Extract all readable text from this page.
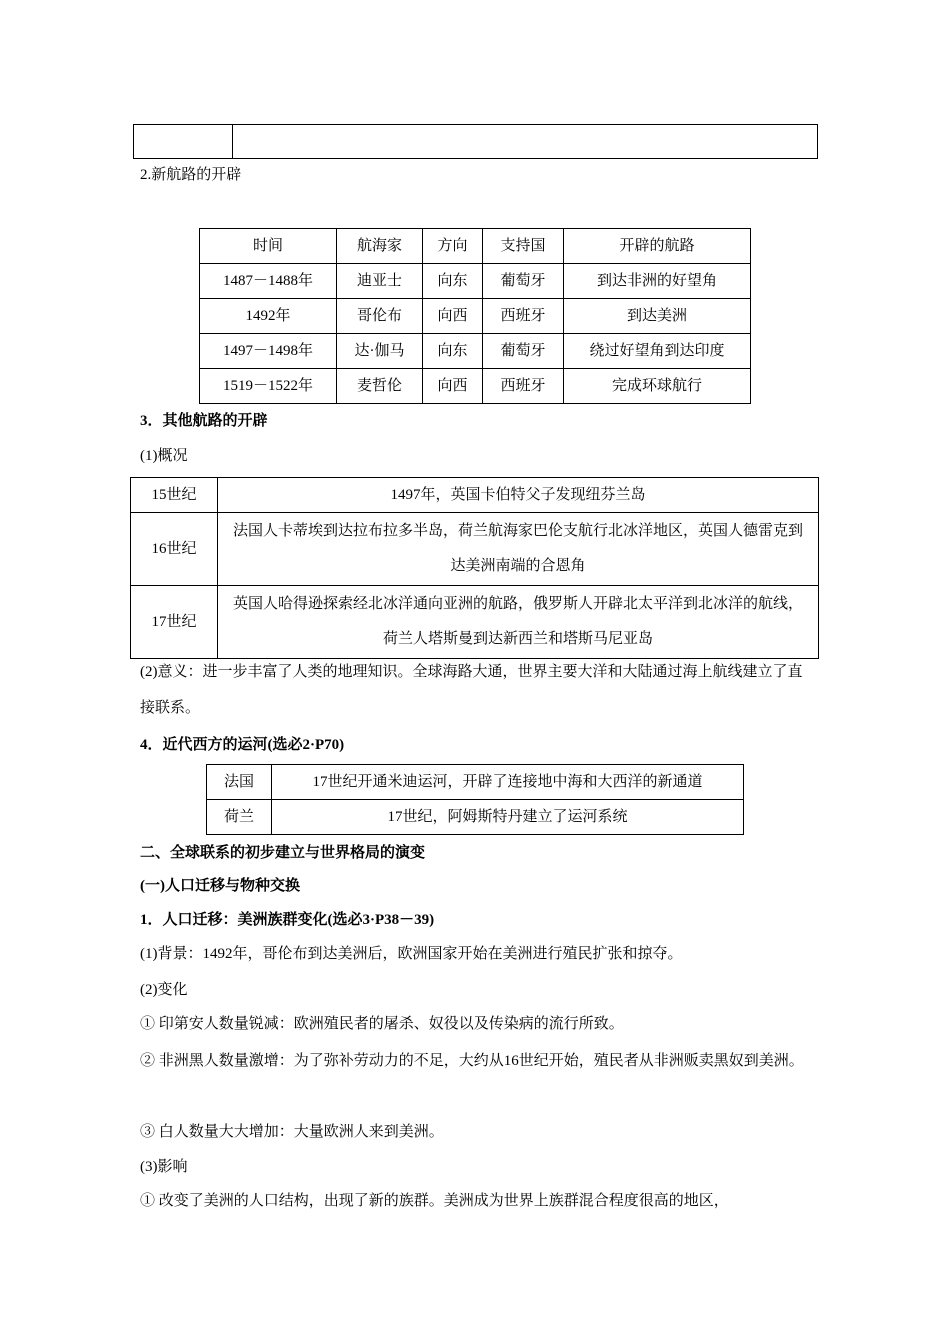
2.新航路的开辟
时间	航海家	方向	支持国	开辟的航路
1487－1488年	迪亚士	向东	葡萄牙	到达非洲的好望角
1492年	哥伦布	向西	西班牙	到达美洲
1497－1498年	达·伽马	向东	葡萄牙	绕过好望角到达印度
1519－1522年	麦哲伦	向西	西班牙	完成环球航行
3．其他航路的开辟
(1)概况
15世纪	1497年，英国卡伯特父子发现纽芬兰岛
16世纪	法国人卡蒂埃到达拉布拉多半岛，荷兰航海家巴伦支航行北冰洋地区，英国人德雷克到达美洲南端的合恩角
17世纪	英国人哈得逊探索经北冰洋通向亚洲的航路，俄罗斯人开辟北太平洋到北冰洋的航线，荷兰人塔斯曼到达新西兰和塔斯马尼亚岛
(2)意义：进一步丰富了人类的地理知识。全球海路大通，世界主要大洋和大陆通过海上航线建立了直接联系。
4．近代西方的运河(选必2·P70)
法国	17世纪开通米迪运河，开辟了连接地中海和大西洋的新通道
荷兰	17世纪，阿姆斯特丹建立了运河系统
二、全球联系的初步建立与世界格局的演变
(一)人口迁移与物种交换
1．人口迁移：美洲族群变化(选必3·P38－39)
(1)背景：1492年，哥伦布到达美洲后，欧洲国家开始在美洲进行殖民扩张和掠夺。
(2)变化
① 印第安人数量锐减：欧洲殖民者的屠杀、奴役以及传染病的流行所致。
② 非洲黑人数量激增：为了弥补劳动力的不足，大约从16世纪开始，殖民者从非洲贩卖黑奴到美洲。
③ 白人数量大大增加：大量欧洲人来到美洲。
(3)影响
① 改变了美洲的人口结构，出现了新的族群。美洲成为世界上族群混合程度很高的地区，
